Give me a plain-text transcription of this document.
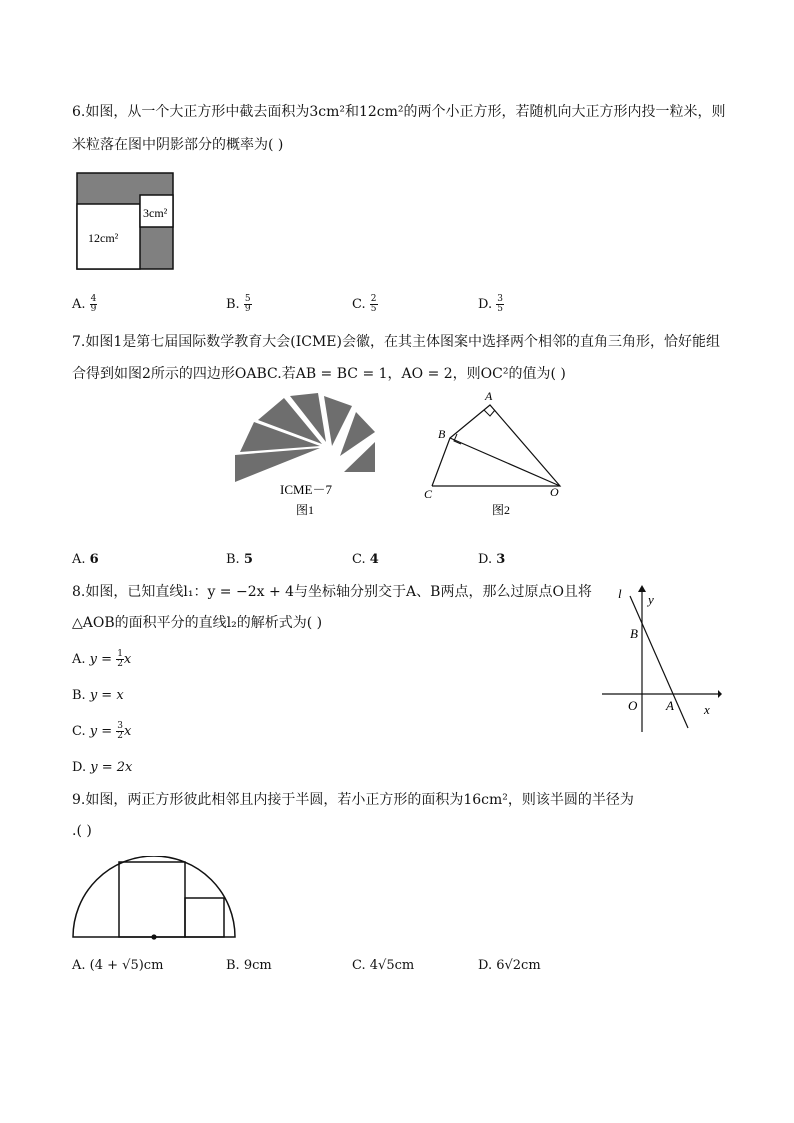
6.如图，从一个大正方形中截去面积为3cm²和12cm²的两个小正方形，若随机向大正方形内投一粒米，则
米粒落在图中阴影部分的概率为( )
3cm²
12cm²
A. $\frac{4}{9}$	B. $\frac{5}{9}$	C. $\frac{2}{5}$	D. $\frac{3}{5}$
7.如图1是第七届国际数学教育大会(ICME)会徽，在其主体图案中选择两个相邻的直角三角形，恰好能组
合得到如图2所示的四边形OABC.若AB = BC = 1，AO = 2，则OC²的值为( )
ICME－7
图1
A
B
C	O
图2
A. 6	B. 5	C. 4	D. 3
8.如图，已知直线l₁：y = −2x + 4与坐标轴分别交于A、B两点，那么过原点O且将
△AOB的面积平分的直线l₂的解析式为( )
l y
B
O A x
A. $y = \frac{1}{2}$ x
B. y = x
C. $y = \frac{3}{2}$ x
D. y = 2x
9.如图，两正方形彼此相邻且内接于半圆，若小正方形的面积为16cm²，则该半圆的半径为
.( )
A. (4 + √5)cm	B. 9cm	C. 4√5cm	D. 6√2cm
